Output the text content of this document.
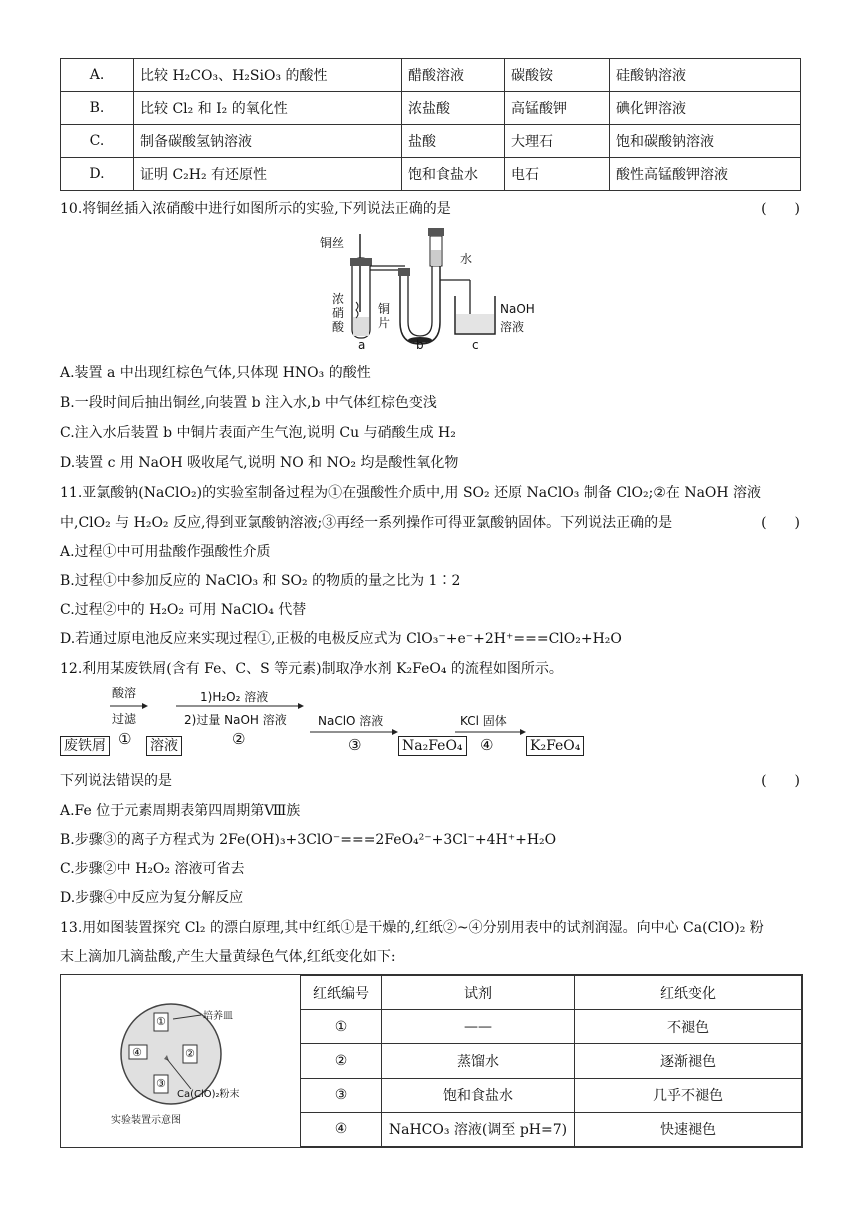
A.	比较 H₂CO₃、H₂SiO₃ 的酸性	醋酸溶液	碳酸铵	硅酸钠溶液
B.	比较 Cl₂ 和 I₂ 的氧化性	浓盐酸	高锰酸钾	碘化钾溶液
C.	制备碳酸氢钠溶液	盐酸	大理石	饱和碳酸钠溶液
D.	证明 C₂H₂ 有还原性	饱和食盐水	电石	酸性高锰酸钾溶液
10.将铜丝插入浓硝酸中进行如图所示的实验,下列说法正确的是	(　　)
铜丝
水
浓硝酸
铜片
NaOH
溶液
a	b	c
A.装置 a 中出现红棕色气体,只体现 HNO₃ 的酸性
B.一段时间后抽出铜丝,向装置 b 注入水,b 中气体红棕色变浅
C.注入水后装置 b 中铜片表面产生气泡,说明 Cu 与硝酸生成 H₂
D.装置 c 用 NaOH 吸收尾气,说明 NO 和 NO₂ 均是酸性氧化物
11.亚氯酸钠(NaClO₂)的实验室制备过程为①在强酸性介质中,用 SO₂ 还原 NaClO₃ 制备 ClO₂;②在 NaOH 溶液
中,ClO₂ 与 H₂O₂ 反应,得到亚氯酸钠溶液;③再经一系列操作可得亚氯酸钠固体。下列说法正确的是	(　　)
A.过程①中可用盐酸作强酸性介质
B.过程①中参加反应的 NaClO₃ 和 SO₂ 的物质的量之比为 1∶2
C.过程②中的 H₂O₂ 可用 NaClO₄ 代替
D.若通过原电池反应来实现过程①,正极的电极反应式为 ClO₃⁻+e⁻+2H⁺===ClO₂+H₂O
12.利用某废铁屑(含有 Fe、C、S 等元素)制取净水剂 K₂FeO₄ 的流程如图所示。
酸溶
过滤
①
1)H₂O₂ 溶液
2)过量 NaOH 溶液
②
NaClO 溶液
③
KCl 固体
④
废铁屑	溶液	Na₂FeO₄	K₂FeO₄
下列说法错误的是	(　　)
A.Fe 位于元素周期表第四周期第Ⅷ族
B.步骤③的离子方程式为 2Fe(OH)₃+3ClO⁻===2FeO₄²⁻+3Cl⁻+4H⁺+H₂O
C.步骤②中 H₂O₂ 溶液可省去
D.步骤④中反应为复分解反应
13.用如图装置探究 Cl₂ 的漂白原理,其中红纸①是干燥的,红纸②~④分别用表中的试剂润湿。向中心 Ca(ClO)₂ 粉
末上滴加几滴盐酸,产生大量黄绿色气体,红纸变化如下:
①
②
③
④
培养皿
Ca(ClO)₂粉末
实验装置示意图
红纸编号	试剂	红纸变化
①	——	不褪色
②	蒸馏水	逐渐褪色
③	饱和食盐水	几乎不褪色
④	NaHCO₃ 溶液(调至 pH=7)	快速褪色
